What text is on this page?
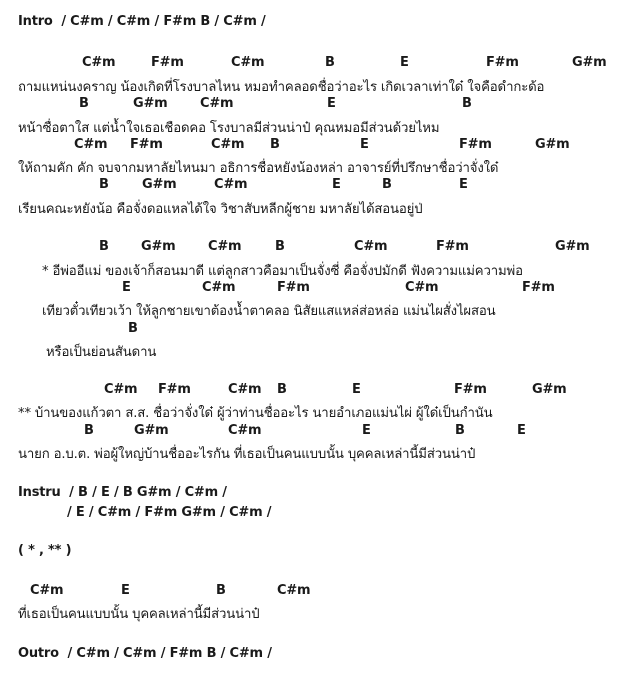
Intro / C#m / C#m / F#m B / C#m /
C#m	F#m	C#m	B	E	F#m	G#m
ถามแหน่นงคราญ น้องเกิดที่โรงบาลไหน หมอทำคลอดชื่อว่าอะไร เกิดเวลาเท่าใด๋ ใจคือดำกะด้อ
B	G#m C#m	E	B
หน้าซื่อตาใส แต่น้ำใจเธอเชือดคอ โรงบาลมีส่วนน่าป๋ คุณหมอมีส่วนด้วยไหม
C#m F#m	C#m B	E	F#m	G#m
ให้ถามคัก คัก จบจากมหาลัยไหนมา อธิการชื่อหยังน้องหล่า อาจารย์ที่ปรึกษาชื่อว่าจั่งใด๋
B	G#m	C#m	E	B	E
เรียนคณะหยังน้อ คือจั่งดอแหลได้ใจ วิชาสับหลีกผู้ชาย มหาลัยได้สอนอยู่ป่
B G#m C#m	B	C#m	F#m	G#m
* อีพ่ออีแม่ ของเจ้าก็สอนมาดี แต่ลูกสาวคือมาเป็นจั่งซี่ คือจั่งปมักดี ฟังความแม่ความพ่อ
E	C#m	F#m	C#m	F#m
เทียวตั๋วเทียวเว้า ให้ลูกชายเขาต้องน้ำตาคลอ นิสัยแสแหล่ส่อหล่อ แม่นไผสั่งไผสอน
B
หรือเป็นย่อนสันดาน
C#m F#m	C#m B	E	F#m	G#m
** บ้านของแก้วตา ส.ส. ชื่อว่าจั่งใด๋ ผู้ว่าท่านชื่ออะไร นายอำเภอแม่นไผ่ ผู้ใด๋เป็นกำนัน
B	G#m	C#m	E	B	E
นายก อ.บ.ต. พ่อผู้ใหญ่บ้านชื่ออะไรกัน ที่เธอเป็นคนแบบนั้น บุคคลเหล่านี้มีส่วนน่าป๋
Instru / B / E / B G#m / C#m /
/ E / C#m / F#m G#m / C#m /
( * , ** )
C#m	E	B	C#m
ที่เธอเป็นคนแบบนั้น บุคคลเหล่านี้มีส่วนน่าป๋
Outro / C#m / C#m / F#m B / C#m /
